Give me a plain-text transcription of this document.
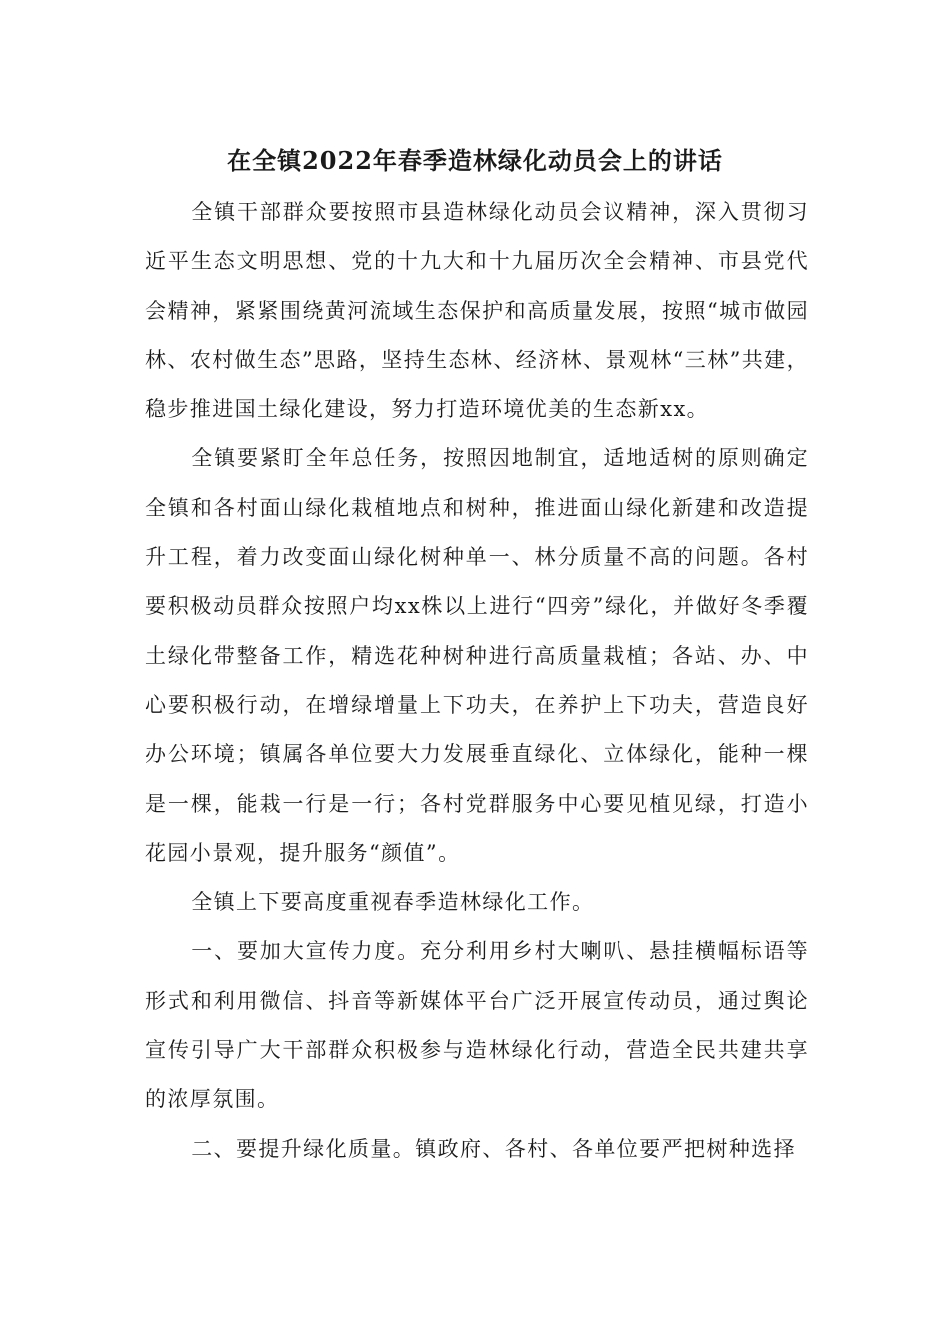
在全镇2022年春季造林绿化动员会上的讲话

全镇干部群众要按照市县造林绿化动员会议精神，深入贯彻习近平生态文明思想、党的十九大和十九届历次全会精神、市县党代会精神，紧紧围绕黄河流域生态保护和高质量发展，按照“城市做园林、农村做生态”思路，坚持生态林、经济林、景观林“三林”共建，稳步推进国土绿化建设，努力打造环境优美的生态新xx。

全镇要紧盯全年总任务，按照因地制宜，适地适树的原则确定全镇和各村面山绿化栽植地点和树种，推进面山绿化新建和改造提升工程，着力改变面山绿化树种单一、林分质量不高的问题。各村要积极动员群众按照户均xx株以上进行“四旁”绿化，并做好冬季覆土绿化带整备工作，精选花种树种进行高质量栽植；各站、办、中心要积极行动，在增绿增量上下功夫，在养护上下功夫，营造良好办公环境；镇属各单位要大力发展垂直绿化、立体绿化，能种一棵是一棵，能栽一行是一行；各村党群服务中心要见植见绿，打造小花园小景观，提升服务“颜值”。

全镇上下要高度重视春季造林绿化工作。

一、要加大宣传力度。充分利用乡村大喇叭、悬挂横幅标语等形式和利用微信、抖音等新媒体平台广泛开展宣传动员，通过舆论宣传引导广大干部群众积极参与造林绿化行动，营造全民共建共享的浓厚氛围。

二、要提升绿化质量。镇政府、各村、各单位要严把树种选择
